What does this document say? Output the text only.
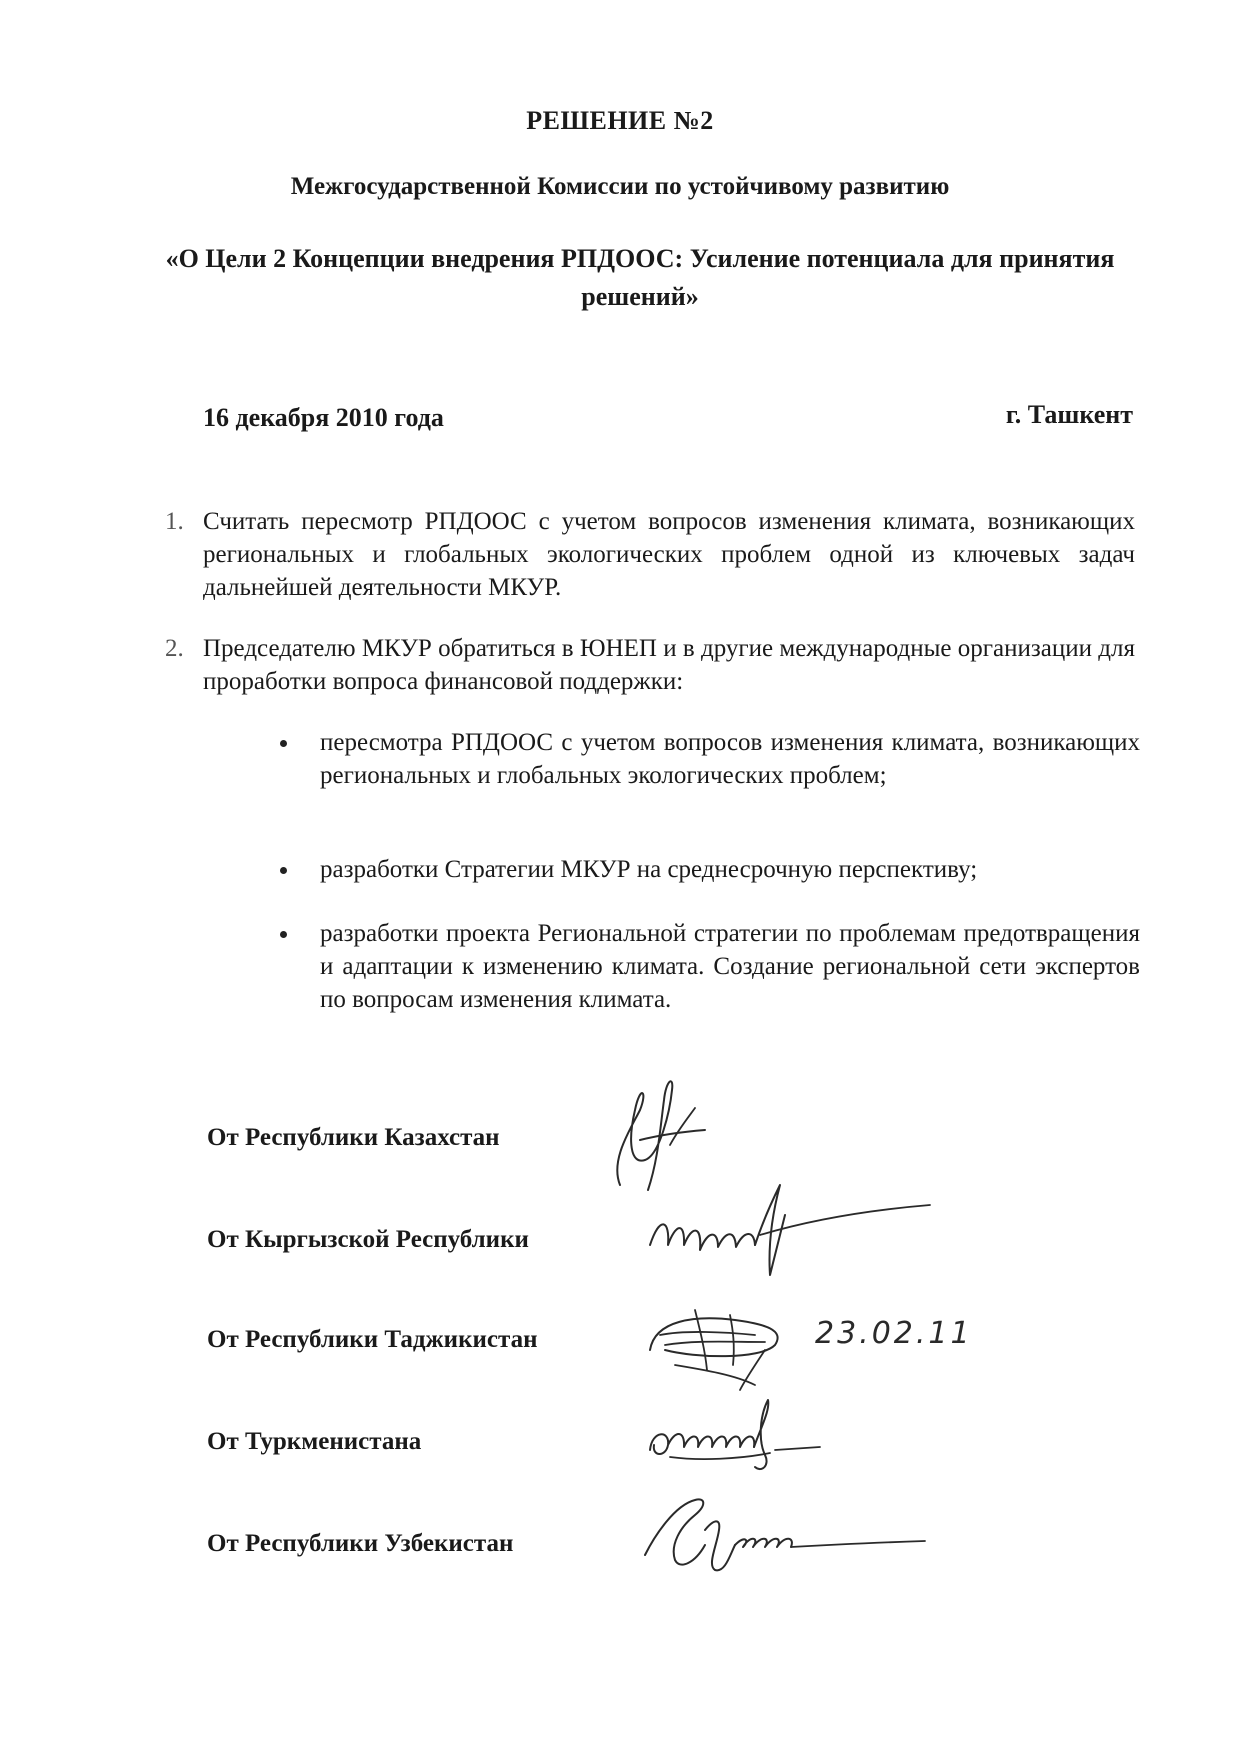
РЕШЕНИЕ №2
Межгосударственной Комиссии по устойчивому развитию
«О Цели 2 Концепции внедрения РПДООС: Усиление потенциала для принятия решений»
16 декабря 2010 года	г. Ташкент
1. Считать пересмотр РПДООС с учетом вопросов изменения климата, возникающих региональных и глобальных экологических проблем одной из ключевых задач дальнейшей деятельности МКУР.
2. Председателю МКУР обратиться в ЮНЕП и в другие международные организации для проработки вопроса финансовой поддержки:
пересмотра РПДООС с учетом вопросов изменения климата, возникающих региональных и глобальных экологических проблем;
разработки Стратегии МКУР на среднесрочную перспективу;
разработки проекта Региональной стратегии по проблемам предотвращения и адаптации к изменению климата. Создание региональной сети экспертов по вопросам изменения климата.
От Республики Казахстан
От Кыргызской Республики
От Республики Таджикистан
От Туркменистана
От Республики Узбекистан
23.02.11
